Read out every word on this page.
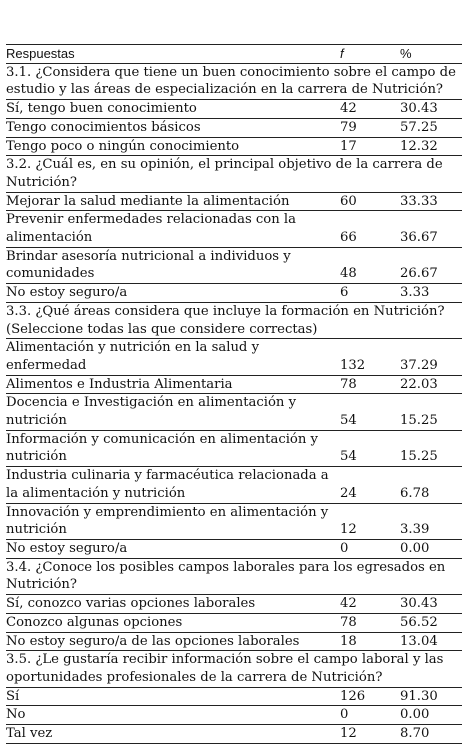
Respuestas	f	%
3.1. ¿Considera que tiene un buen conocimiento sobre el campo de estudio y las áreas de especialización en la carrera de Nutrición?		
Sí, tengo buen conocimiento	42	30.43
Tengo conocimientos básicos	79	57.25
Tengo poco o ningún conocimiento	17	12.32
3.2. ¿Cuál es, en su opinión, el principal objetivo de la carrera de Nutrición?		
Mejorar la salud mediante la alimentación	60	33.33
Prevenir enfermedades relacionadas con la alimentación	66	36.67
Brindar asesoría nutricional a individuos y comunidades	48	26.67
No estoy seguro/a	6	3.33
3.3. ¿Qué áreas considera que incluye la formación en Nutrición? (Seleccione todas las que considere correctas)		
Alimentación y nutrición en la salud y enfermedad	132	37.29
Alimentos e Industria Alimentaria	78	22.03
Docencia e Investigación en alimentación y nutrición	54	15.25
Información y comunicación en alimentación y nutrición	54	15.25
Industria culinaria y farmacéutica relacionada a la alimentación y nutrición	24	6.78
Innovación y emprendimiento en alimentación y nutrición	12	3.39
No estoy seguro/a	0	0.00
3.4. ¿Conoce los posibles campos laborales para los egresados en Nutrición?		
Sí, conozco varias opciones laborales	42	30.43
Conozco algunas opciones	78	56.52
No estoy seguro/a de las opciones laborales	18	13.04
3.5. ¿Le gustaría recibir información sobre el campo laboral y las oportunidades profesionales de la carrera de Nutrición?		
Sí	126	91.30
No	0	0.00
Tal vez	12	8.70
